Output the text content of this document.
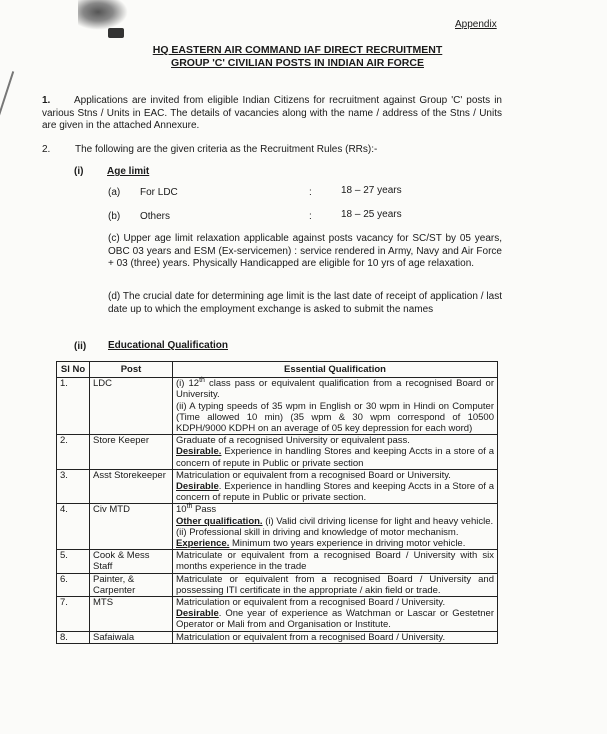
Appendix
HQ EASTERN AIR COMMAND IAF DIRECT RECRUITMENT
GROUP 'C' CIVILIAN POSTS IN INDIAN AIR FORCE
1.	Applications are invited from eligible Indian Citizens for recruitment against Group 'C' posts in various Stns / Units in EAC. The details of vacancies along with the name / address of the Stns / Units are given in the attached Annexure.
2. The following are the given criteria as the Recruitment Rules (RRs):-
(i) Age limit
(a) For LDC	:	18 – 27 years
(b) Others	:	18 – 25 years
(c) Upper age limit relaxation applicable against posts vacancy for SC/ST by 05 years, OBC 03 years and ESM (Ex-servicemen) : service rendered in Army, Navy and Air Force + 03 (three) years. Physically Handicapped are eligible for 10 yrs of age relaxation.
(d) The crucial date for determining age limit is the last date of receipt of application / last date up to which the employment exchange is asked to submit the names
(ii) Educational Qualification
Sl No	Post	Essential Qualification
1.	LDC	(i) 12th class pass or equivalent qualification from a recognised Board or University.
(ii) A typing speeds of 35 wpm in English or 30 wpm in Hindi on Computer (Time allowed 10 min) (35 wpm & 30 wpm correspond of 10500 KDPH/9000 KDPH on an average of 05 key depression for each word)

2.	Store Keeper	Graduate of a recognised University or equivalent pass.
Desirable. Experience in handling Stores and keeping Accts in a store of a concern of repute in Public or private section

3.	Asst Storekeeper	Matriculation or equivalent from a recognised Board or University.
Desirable. Experience in handling Stores and keeping Accts in a Store of a concern of repute in Public or private section.

4.	Civ MTD	10th Pass
Other qualification. (i) Valid civil driving license for light and heavy vehicle.
(ii) Professional skill in driving and knowledge of motor mechanism.
Experience. Minimum two years experience in driving motor vehicle.

5.	Cook & Mess Staff	Matriculate or equivalent from a recognised Board / University with six months experience in the trade
6.	Painter, & Carpenter	Matriculate or equivalent from a recognised Board / University and possessing ITI certificate in the appropriate / akin field or trade.
7.	MTS	Matriculation or equivalent from a recognised Board / University.
Desirable. One year of experience as Watchman or Lascar or Gestetner Operator or Mali from and Organisation or Institute.

8.	Safaiwala	Matriculation or equivalent from a recognised Board / University.
